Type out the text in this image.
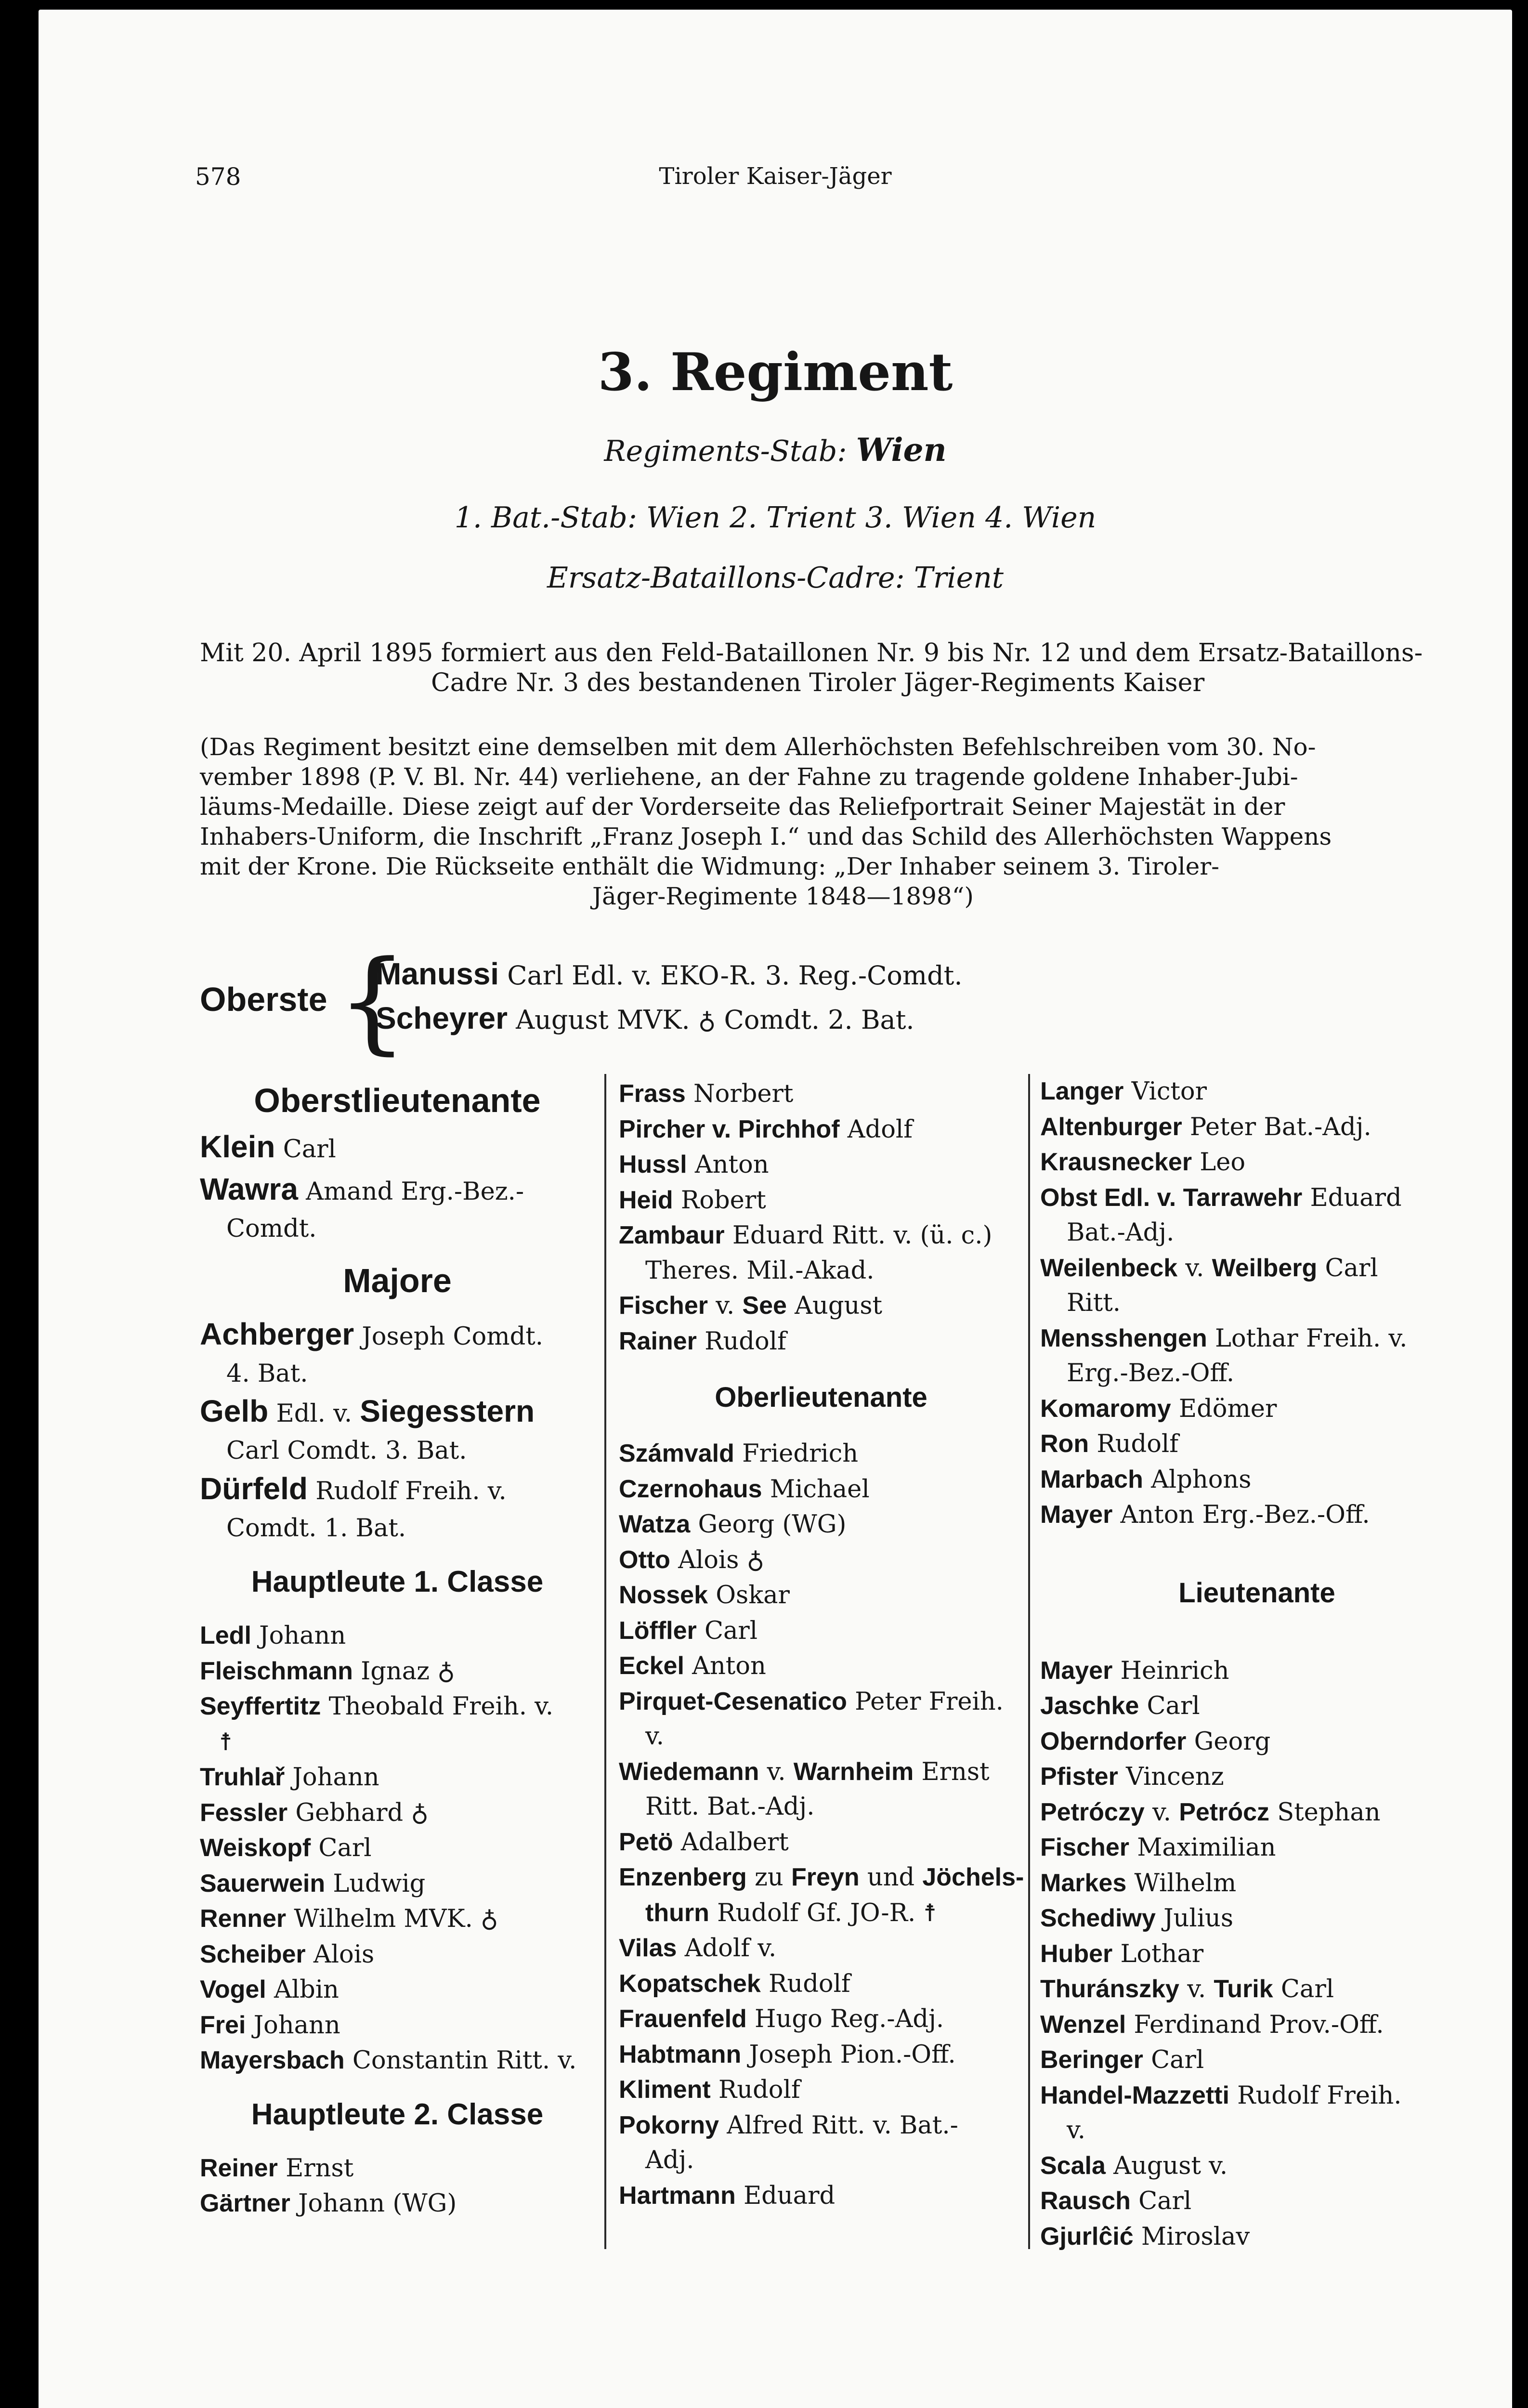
578	Tiroler Kaiser-Jäger
3. Regiment
Regiments-Stab: Wien
1. Bat.-Stab: Wien 2. Trient 3. Wien 4. Wien
Ersatz-Bataillons-Cadre: Trient
Mit 20. April 1895 formiert aus den Feld-Bataillonen Nr. 9 bis Nr. 12 und dem Ersatz-Bataillons-
Cadre Nr. 3 des bestandenen Tiroler Jäger-Regiments Kaiser
(Das Regiment besitzt eine demselben mit dem Allerhöchsten Befehlschreiben vom 30. No-
vember 1898 (P. V. Bl. Nr. 44) verliehene, an der Fahne zu tragende goldene Inhaber-Jubi-
läums-Medaille. Diese zeigt auf der Vorderseite das Reliefportrait Seiner Majestät in der
Inhabers-Uniform, die Inschrift „Franz Joseph I.“ und das Schild des Allerhöchsten Wappens
mit der Krone. Die Rückseite enthält die Widmung: „Der Inhaber seinem 3. Tiroler-
Jäger-Regimente 1848—1898“)
Oberste {
Manussi Carl Edl. v. EKO-R. 3. Reg.-Comdt.
Scheyrer August MVK. ♁ Comdt. 2. Bat.
Oberstlieutenante
Klein Carl
Wawra Amand Erg.-Bez.-
Comdt.
Majore
Achberger Joseph Comdt.
4. Bat.
Gelb Edl. v. Siegesstern
Carl Comdt. 3. Bat.
Dürfeld Rudolf Freih. v.
Comdt. 1. Bat.
Hauptleute 1. Classe
Ledl Johann
Fleischmann Ignaz ♁
Seyffertitz Theobald Freih. v.
☨
Truhlař Johann
Fessler Gebhard ♁
Weiskopf Carl
Sauerwein Ludwig
Renner Wilhelm MVK. ♁
Scheiber Alois
Vogel Albin
Frei Johann
Mayersbach Constantin Ritt. v.
Hauptleute 2. Classe
Reiner Ernst
Gärtner Johann (WG)
Frass Norbert
Pircher v. Pirchhof Adolf
Hussl Anton
Heid Robert
Zambaur Eduard Ritt. v. (ü. c.)
Theres. Mil.-Akad.
Fischer v. See August
Rainer Rudolf
Oberlieutenante
Számvald Friedrich
Czernohaus Michael
Watza Georg (WG)
Otto Alois ♁
Nossek Oskar
Löffler Carl
Eckel Anton
Pirquet-Cesenatico Peter Freih.
v.
Wiedemann v. Warnheim Ernst
Ritt. Bat.-Adj.
Petö Adalbert
Enzenberg zu Freyn und Jöchels-
thurn Rudolf Gf. JO-R. ☨
Vilas Adolf v.
Kopatschek Rudolf
Frauenfeld Hugo Reg.-Adj.
Habtmann Joseph Pion.-Off.
Kliment Rudolf
Pokorny Alfred Ritt. v. Bat.-
Adj.
Hartmann Eduard
Langer Victor
Altenburger Peter Bat.-Adj.
Krausnecker Leo
Obst Edl. v. Tarrawehr Eduard
Bat.-Adj.
Weilenbeck v. Weilberg Carl
Ritt.
Mensshengen Lothar Freih. v.
Erg.-Bez.-Off.
Komaromy Edömer
Ron Rudolf
Marbach Alphons
Mayer Anton Erg.-Bez.-Off.
Lieutenante
Mayer Heinrich
Jaschke Carl
Oberndorfer Georg
Pfister Vincenz
Petróczy v. Petrócz Stephan
Fischer Maximilian
Markes Wilhelm
Schediwy Julius
Huber Lothar
Thuránszky v. Turik Carl
Wenzel Ferdinand Prov.-Off.
Beringer Carl
Handel-Mazzetti Rudolf Freih.
v.
Scala August v.
Rausch Carl
Gjurlĉić Miroslav
